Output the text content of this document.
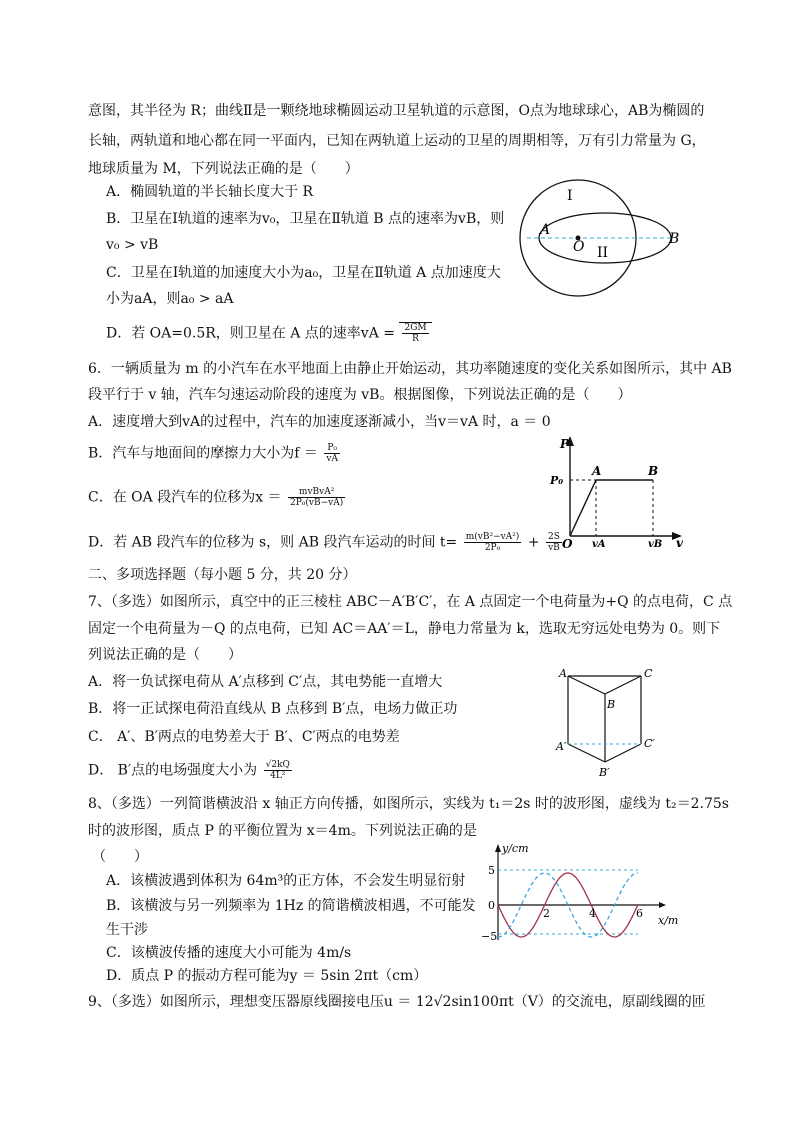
意图，其半径为 R；曲线Ⅱ是一颗绕地球椭圆运动卫星轨道的示意图，O点为地球球心，AB为椭圆的
长轴，两轨道和地心都在同一平面内，已知在两轨道上运动的卫星的周期相等，万有引力常量为 G，
地球质量为 M，下列说法正确的是（　　）
A．椭圆轨道的半长轴长度大于 R
B．卫星在Ⅰ轨道的速率为v₀，卫星在Ⅱ轨道 B 点的速率为vB，则
v₀ > vB
C．卫星在Ⅰ轨道的加速度大小为a₀，卫星在Ⅱ轨道 A 点加速度大
小为aA，则a₀ > aA
D．若 OA=0.5R，则卫星在 A 点的速率vA = $\frac{2GM}{R}$
I
II
A
O	B
6．一辆质量为 m 的小汽车在水平地面上由静止开始运动，其功率随速度的变化关系如图所示，其中 AB
段平行于 v 轴，汽车匀速运动阶段的速度为 vB。根据图像，下列说法正确的是（　　）
A．速度增大到vA的过程中，汽车的加速度逐渐减小，当v＝vA 时，a ＝ 0
B．汽车与地面间的摩擦力大小为$f = \frac{\text{P₀}}{vA}$
C．在 OA 段汽车的位移为$x = \frac{\text{mvBvA²}}{\text{2P₀(vB−vA)}}$
D．若 AB 段汽车的位移为 s，则 AB 段汽车运动的时间 $t= \frac{\text{m(vB²−vA²)}}{\text{2P₀}} + \frac{2S}{vB}$
P
P₀
A	B
O vA	vB v
二、多项选择题（每小题 5 分，共 20 分）
7、（多选）如图所示，真空中的正三棱柱 ABC－A′B′C′，在 A 点固定一个电荷量为+Q 的点电荷，C 点
固定一个电荷量为－Q 的点电荷，已知 AC＝AA′＝L，静电力常量为 k，选取无穷远处电势为 0。则下
列说法正确的是（　　）
A．将一负试探电荷从 A′点移到 C′点，其电势能一直增大
B．将一正试探电荷沿直线从 B 点移到 B′点，电场力做正功
C． A′、B′两点的电势差大于 B′、C′两点的电势差
D． B′点的电场强度大小为 $\frac{√2kQ}{\text{4L²}}$
A
B
C
A′
B′
C′
8、（多选）一列简谐横波沿 x 轴正方向传播，如图所示，实线为 t₁＝2s 时的波形图，虚线为 t₂＝2.75s
时的波形图，质点 P 的平衡位置为 x＝4m。下列说法正确的是
（　　）
A．该横波遇到体积为 64m³的正方体，不会发生明显衍射
B．该横波与另一列频率为 1Hz 的简谐横波相遇，不可能发
生干涉
C．该横波传播的速度大小可能为 4m/s
D．质点 P 的振动方程可能为y ＝ 5sin 2πt（cm）
y/cm
x/m
5
−5
0
2	4	6
9、（多选）如图所示，理想变压器原线圈接电压u ＝ 12√2sin100πt（V）的交流电，原副线圈的匝
